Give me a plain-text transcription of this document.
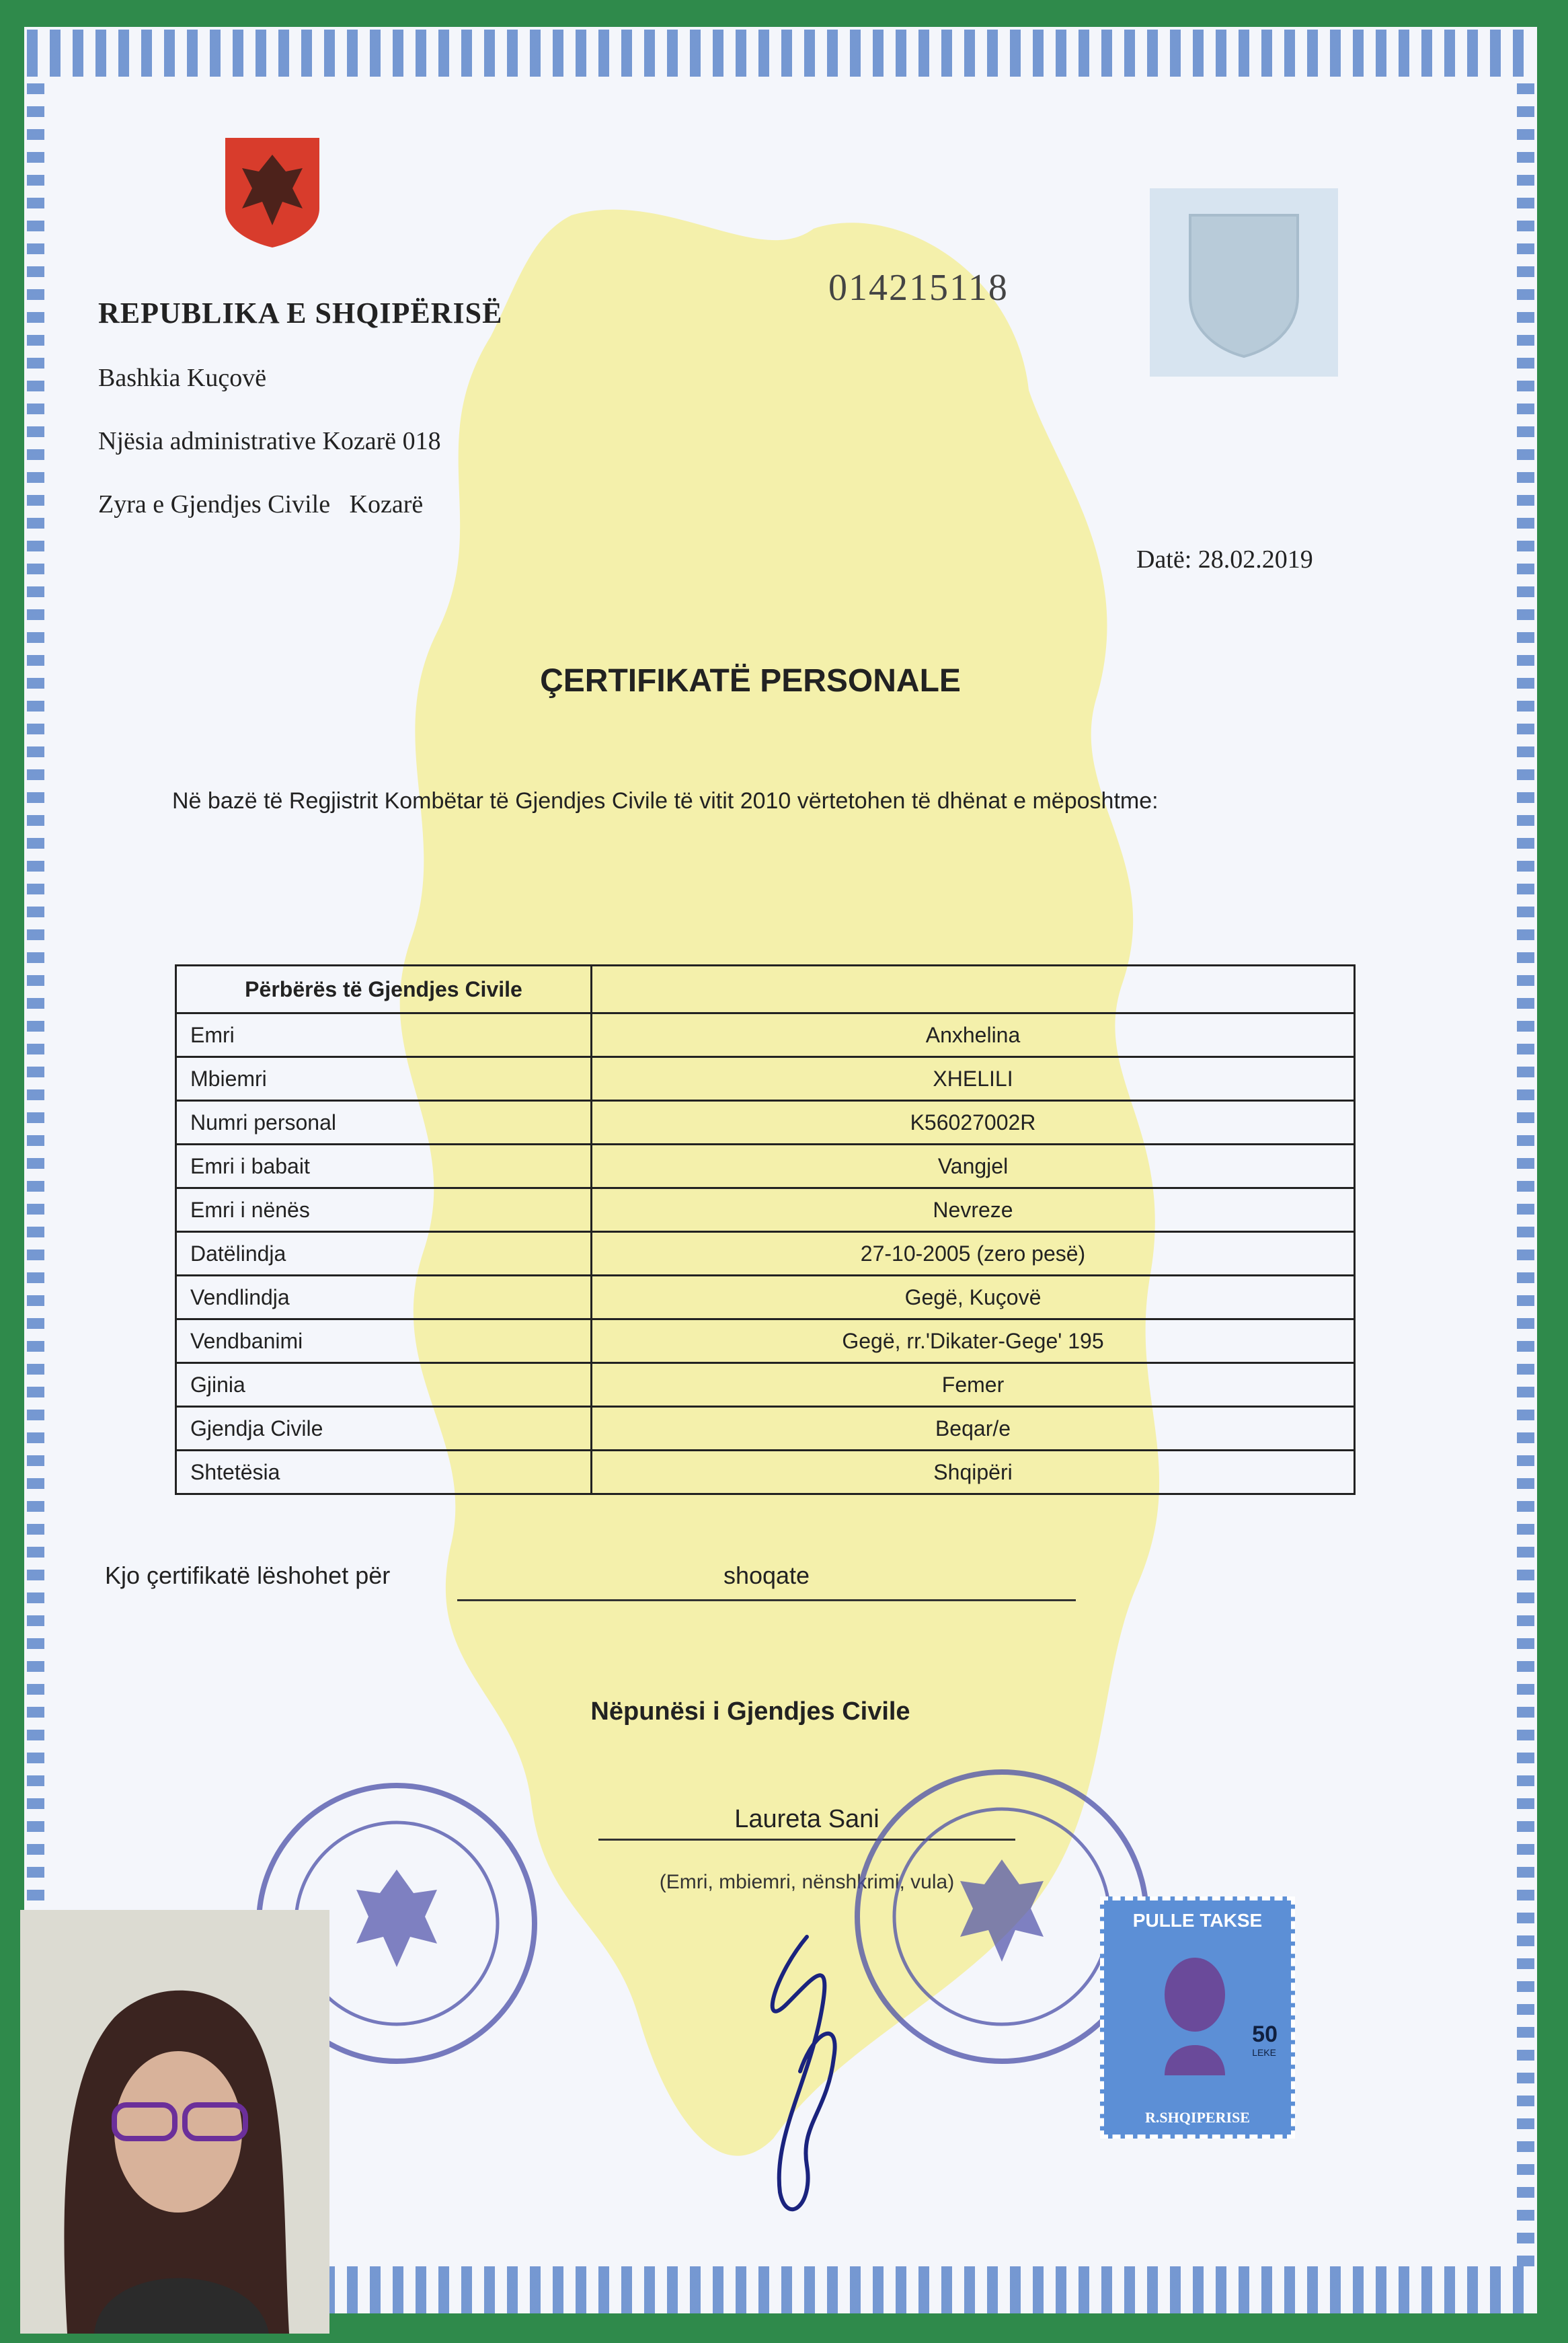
REPUBLIKA E SHQIPËRISË
Bashkia Kuçovë
Njësia administrative Kozarë 018
Zyra e Gjendjes Civile   Kozarë
014215118
Datë: 28.02.2019
ÇERTIFIKATË PERSONALE
Në bazë të Regjistrit Kombëtar të Gjendjes Civile të vitit 2010 vërtetohen të dhënat e mëposhtme:
Përbërës të Gjendjes Civile	
Emri	Anxhelina
Mbiemri	XHELILI
Numri personal	K56027002R
Emri i babait	Vangjel
Emri i nënës	Nevreze
Datëlindja	27-10-2005 (zero pesë)
Vendlindja	Gegë, Kuçovë
Vendbanimi	Gegë, rr.'Dikater-Gege' 195
Gjinia	Femer
Gjendja Civile	Beqar/e
Shtetësia	Shqipëri
Kjo çertifikatë lëshohet për	shoqate
Nëpunësi i Gjendjes Civile
Laureta Sani
(Emri, mbiemri, nënshkrimi, vula)
PULLE TAKSE
50
LEKE
R.SHQIPERISE
